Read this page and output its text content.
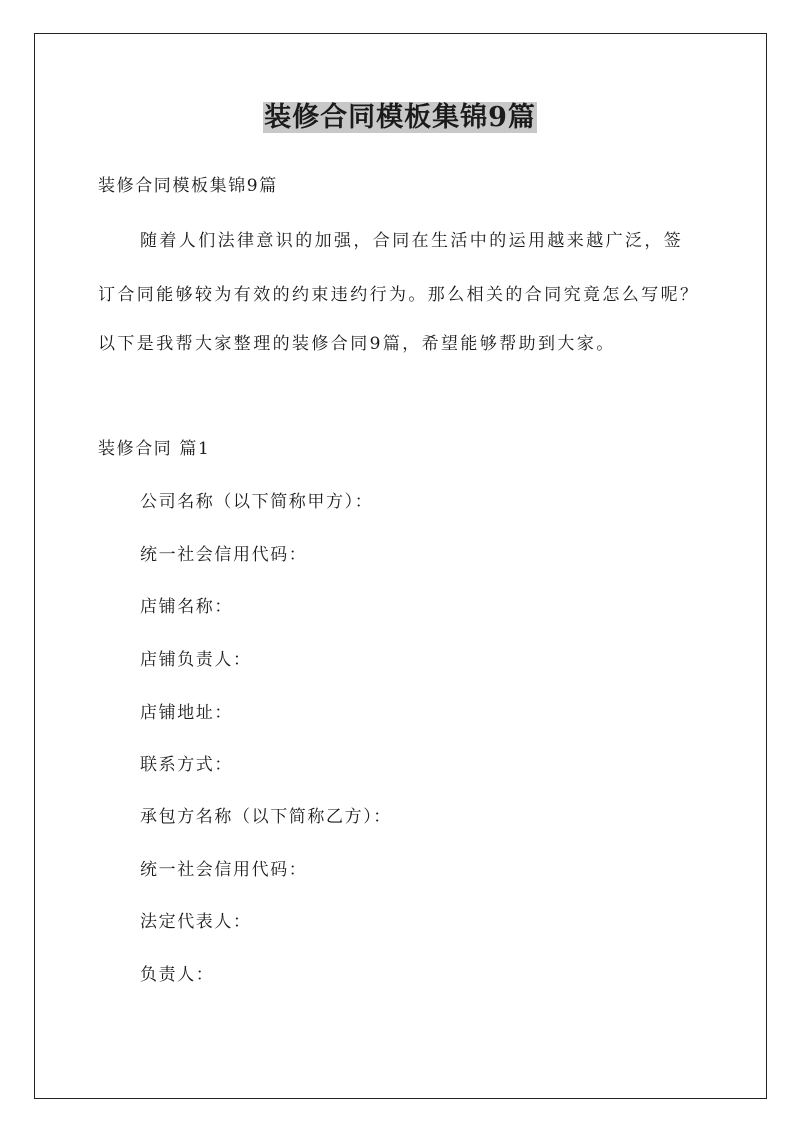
装修合同模板集锦9篇
装修合同模板集锦9篇
随着人们法律意识的加强，合同在生活中的运用越来越广泛，签
订合同能够较为有效的约束违约行为。那么相关的合同究竟怎么写呢？
以下是我帮大家整理的装修合同9篇，希望能够帮助到大家。
装修合同 篇1
公司名称（以下简称甲方）：
统一社会信用代码：
店铺名称：
店铺负责人：
店铺地址：
联系方式：
承包方名称（以下简称乙方）：
统一社会信用代码：
法定代表人：
负责人：
